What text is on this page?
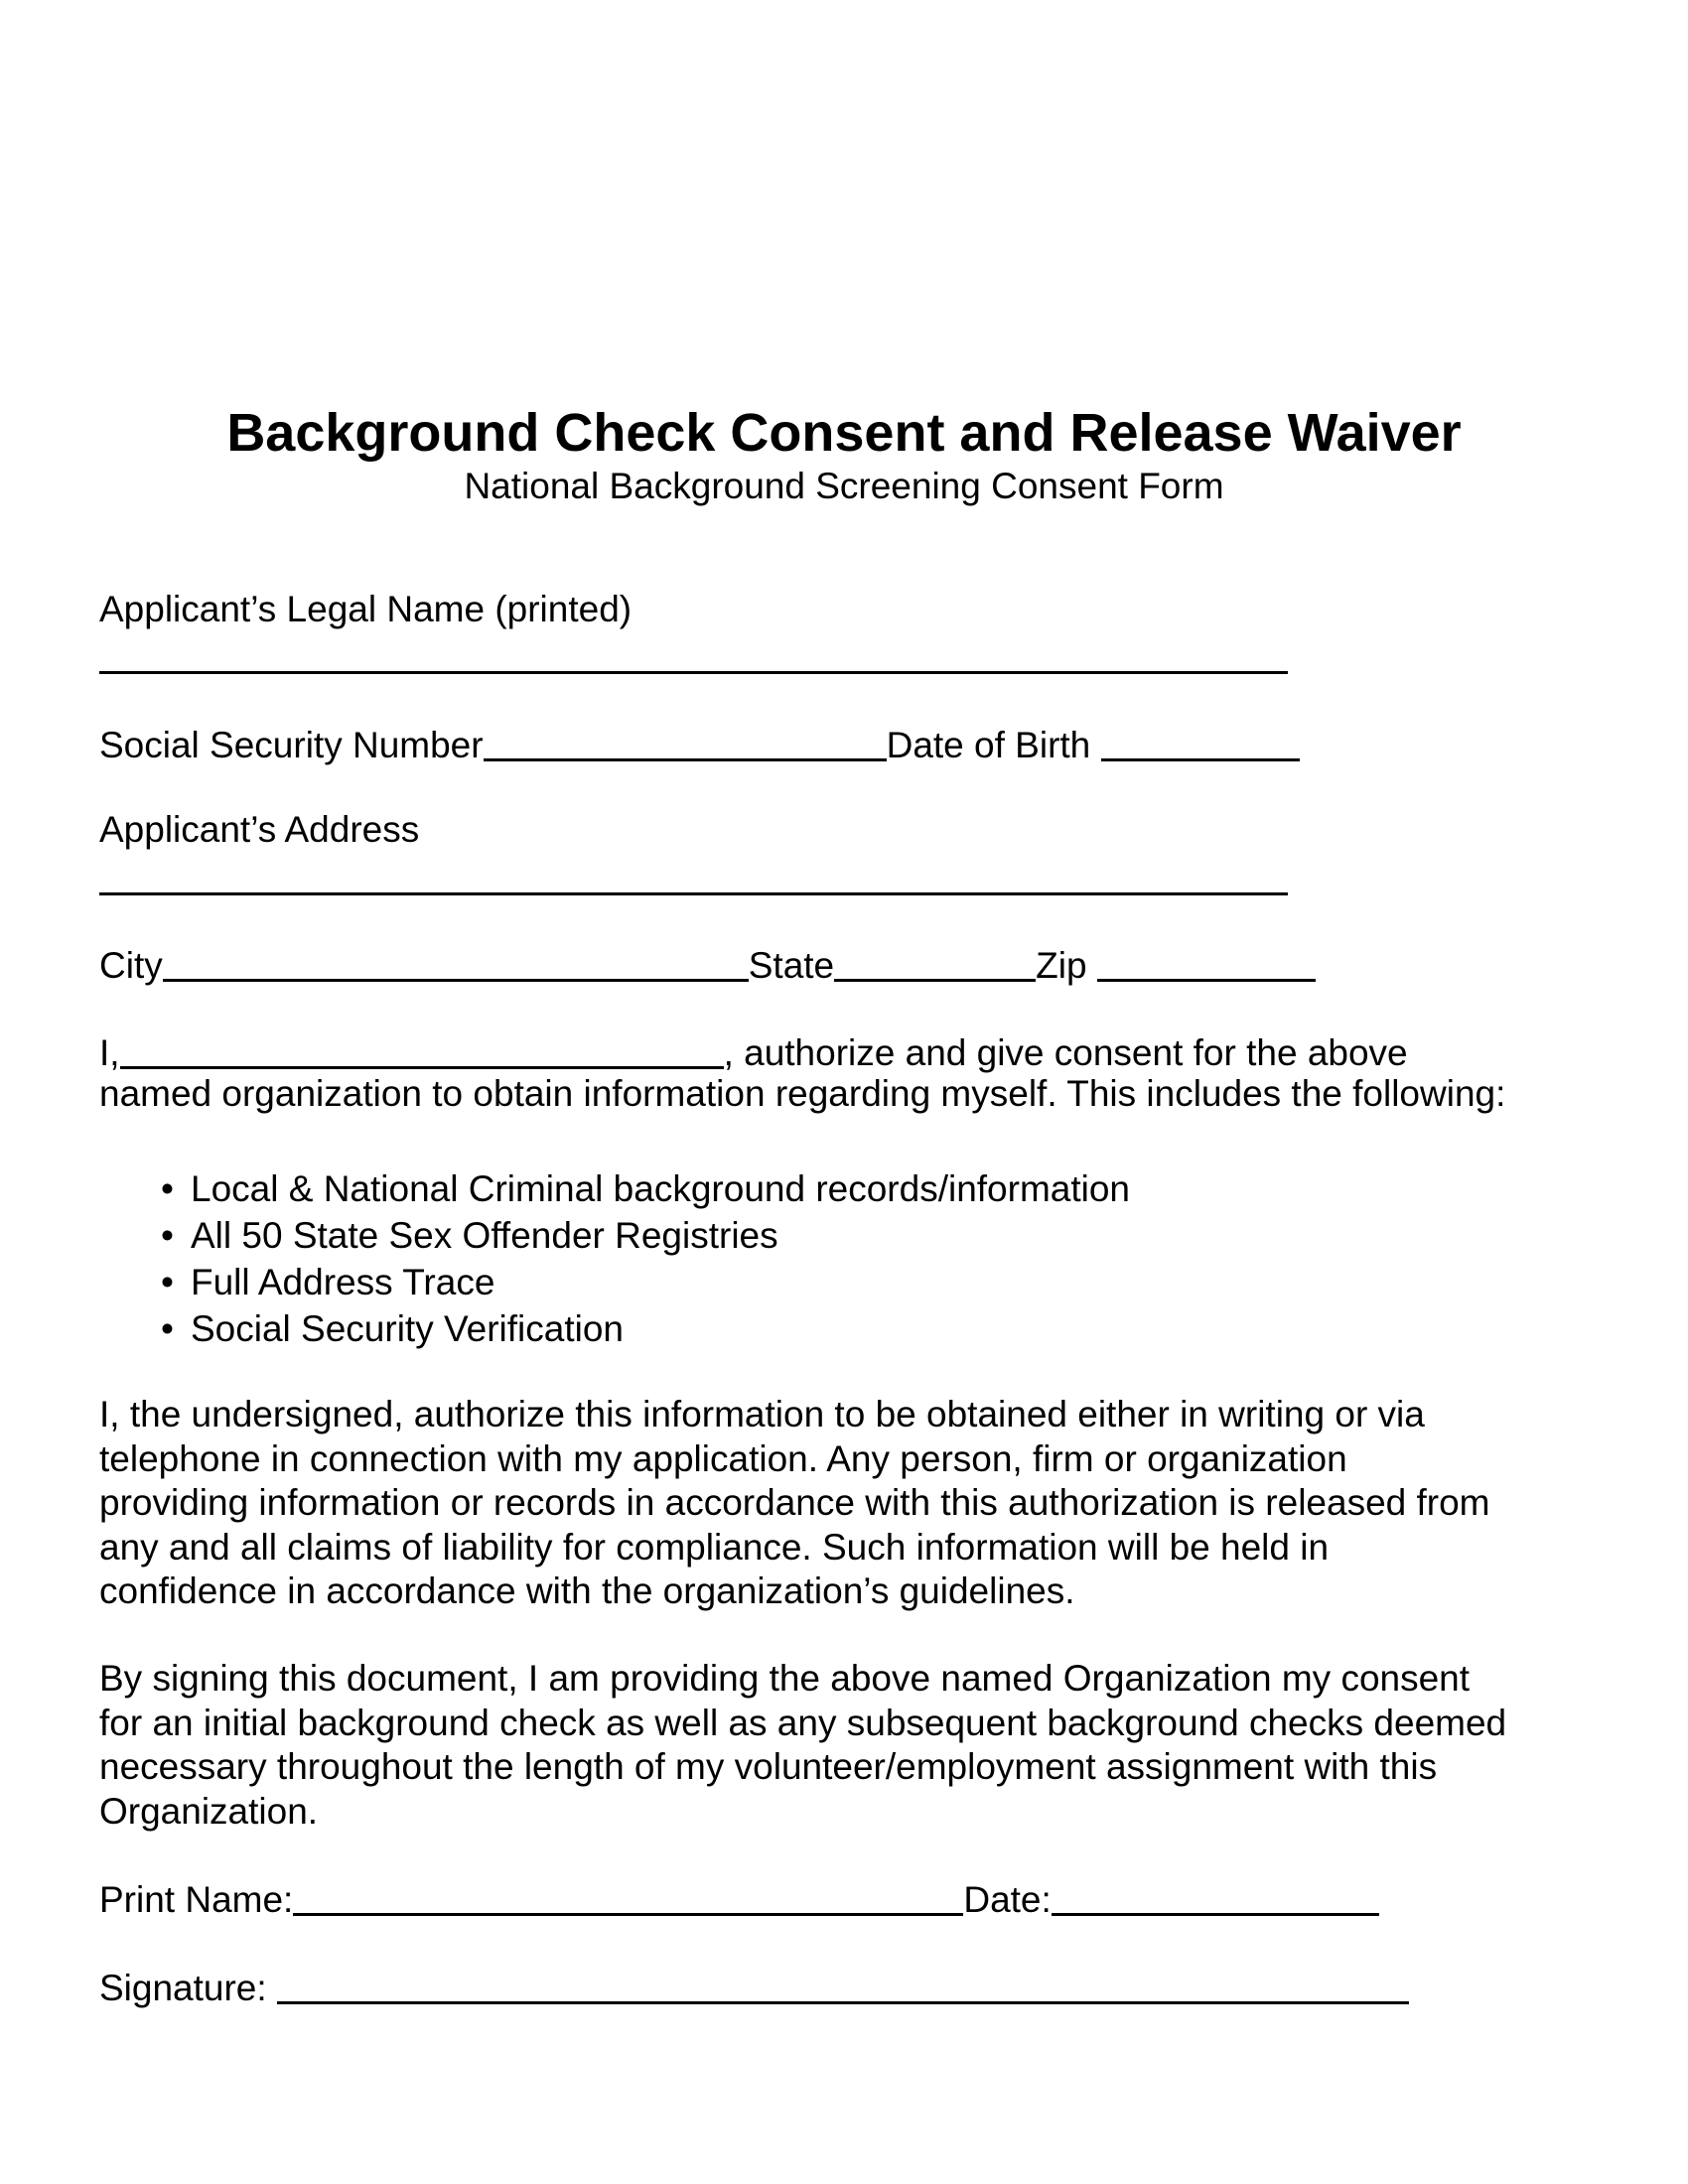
Background Check Consent and Release Waiver
National Background Screening Consent Form
Applicant’s Legal Name (printed)
Social Security Number	Date of Birth
Applicant’s Address
City	State	Zip
I,	, authorize and give consent for the above
named organization to obtain information regarding myself. This includes the following:
• Local & National Criminal background records/information
• All 50 State Sex Offender Registries
• Full Address Trace
• Social Security Verification
I, the undersigned, authorize this information to be obtained either in writing or via
telephone in connection with my application. Any person, firm or organization
providing information or records in accordance with this authorization is released from
any and all claims of liability for compliance. Such information will be held in
confidence in accordance with the organization’s guidelines.
By signing this document, I am providing the above named Organization my consent
for an initial background check as well as any subsequent background checks deemed
necessary throughout the length of my volunteer/employment assignment with this
Organization.
Print Name:	Date:
Signature:
